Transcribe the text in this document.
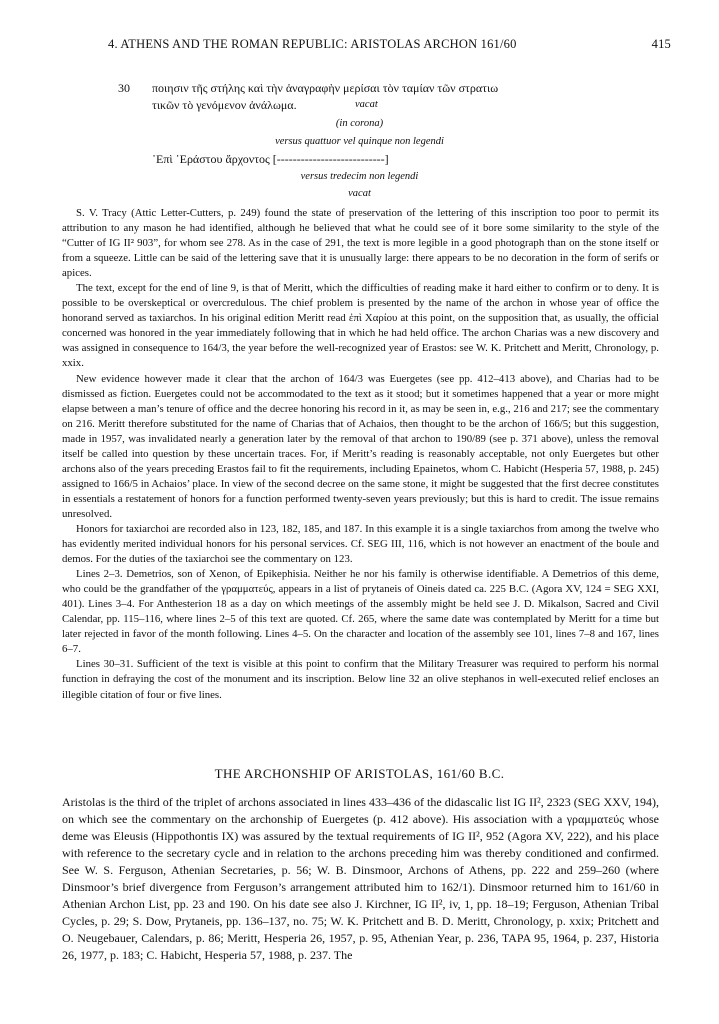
4. ATHENS AND THE ROMAN REPUBLIC: ARISTOLAS ARCHON 161/60	415
30 ποιησιν τῆς στήλης καὶ τὴν ἀναγραφὴν μερίσαι τὸν ταμίαν τῶν στρατιω
τικῶν τὸ γενόμενον ἀνάλωμα.	vacat
(in corona)
versus quattuor vel quinque non legendi
᾿Επὶ ᾿Εράστου ἄρχοντος [---------------------------]
versus tredecim non legendi
vacat

S. V. Tracy (Attic Letter-Cutters, p. 249) found the state of preservation of the lettering of this inscription too poor to permit its attribution to any mason he had identified, although he believed that what he could see of it bore some similarity to the style of the “Cutter of IG II² 903”, for whom see 278. As in the case of 291, the text is more legible in a good photograph than on the stone itself or from a squeeze. Little can be said of the lettering save that it is unusually large: there appears to be no decoration in the form of serifs or apices.

The text, except for the end of line 9, is that of Meritt, which the difficulties of reading make it hard either to confirm or to deny. It is possible to be overskeptical or overcredulous. The chief problem is presented by the name of the archon in whose year of office the honorand served as taxiarchos. In his original edition Meritt read ἐπὶ Χαρίου at this point, on the supposition that, as usually, the official concerned was honored in the year immediately following that in which he had held office. The archon Charias was a new discovery and was assigned in consequence to 164/3, the year before the well-recognized year of Erastos: see W. K. Pritchett and Meritt, Chronology, p. xxix.

New evidence however made it clear that the archon of 164/3 was Euergetes (see pp. 412–413 above), and Charias had to be dismissed as fiction. Euergetes could not be accommodated to the text as it stood; but it sometimes happened that a year or more might elapse between a man’s tenure of office and the decree honoring his record in it, as may be seen in, e.g., 216 and 217; see the commentary on 216. Meritt therefore substituted for the name of Charias that of Achaios, then thought to be the archon of 166/5; but this suggestion, made in 1957, was invalidated nearly a generation later by the removal of that archon to 190/89 (see p. 371 above), unless the removal itself be called into question by these uncertain traces. For, if Meritt’s reading is reasonably acceptable, not only Euergetes but other archons also of the years preceding Erastos fail to fit the requirements, including Epainetos, whom C. Habicht (Hesperia 57, 1988, p. 245) assigned to 166/5 in Achaios’ place. In view of the second decree on the same stone, it might be suggested that the first decree constitutes in essentials a restatement of honors for a function performed twenty-seven years previously; but this is hard to credit. The issue remains unresolved.

Honors for taxiarchoi are recorded also in 123, 182, 185, and 187. In this example it is a single taxiarchos from among the twelve who has evidently merited individual honors for his personal services. Cf. SEG III, 116, which is not however an enactment of the boule and demos. For the duties of the taxiarchoi see the commentary on 123.

Lines 2–3. Demetrios, son of Xenon, of Epikephisia. Neither he nor his family is otherwise identifiable. A Demetrios of this deme, who could be the grandfather of the γραμματεύς, appears in a list of prytaneis of Oineis dated ca. 225 B.C. (Agora XV, 124 = SEG XXI, 401). Lines 3–4. For Anthesterion 18 as a day on which meetings of the assembly might be held see J. D. Mikalson, Sacred and Civil Calendar, pp. 115–116, where lines 2–5 of this text are quoted. Cf. 265, where the same date was contemplated by Meritt for a time but later rejected in favor of the month following. Lines 4–5. On the character and location of the assembly see 101, lines 7–8 and 167, lines 6–7.

Lines 30–31. Sufficient of the text is visible at this point to confirm that the Military Treasurer was required to perform his normal function in defraying the cost of the monument and its inscription. Below line 32 an olive stephanos in well-executed relief encloses an illegible citation of four or five lines.

THE ARCHONSHIP OF ARISTOLAS, 161/60 B.C.

Aristolas is the third of the triplet of archons associated in lines 433–436 of the didascalic list IG II², 2323 (SEG XXV, 194), on which see the commentary on the archonship of Euergetes (p. 412 above). His association with a γραμματεύς whose deme was Eleusis (Hippothontis IX) was assured by the textual requirements of IG II², 952 (Agora XV, 222), and his place with reference to the secretary cycle and in relation to the archons preceding him was thereby conditioned and confirmed. See W. S. Ferguson, Athenian Secretaries, p. 56; W. B. Dinsmoor, Archons of Athens, pp. 222 and 259–260 (where Dinsmoor’s brief divergence from Ferguson’s arrangement attributed him to 162/1). Dinsmoor returned him to 161/60 in Athenian Archon List, pp. 23 and 190. On his date see also J. Kirchner, IG II², iv, 1, pp. 18–19; Ferguson, Athenian Tribal Cycles, p. 29; S. Dow, Prytaneis, pp. 136–137, no. 75; W. K. Pritchett and B. D. Meritt, Chronology, p. xxix; Pritchett and O. Neugebauer, Calendars, p. 86; Meritt, Hesperia 26, 1957, p. 95, Athenian Year, p. 236, TAPA 95, 1964, p. 237, Historia 26, 1977, p. 183; C. Habicht, Hesperia 57, 1988, p. 237. The
